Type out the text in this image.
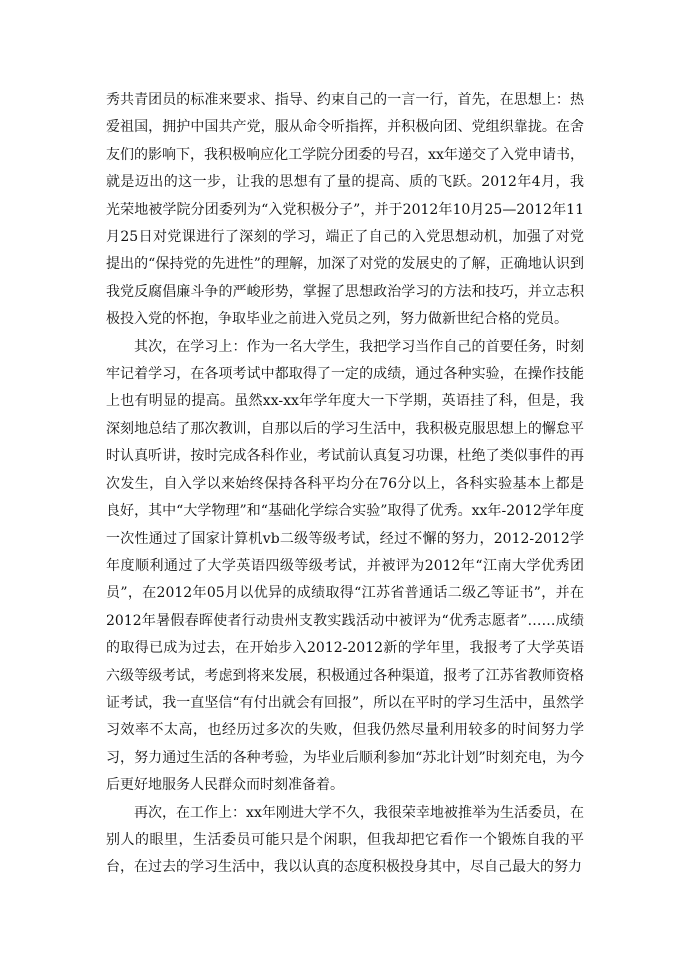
秀共青团员的标准来要求、指导、约束自己的一言一行，首先，在思想上：热爱祖国，拥护中国共产党，服从命令听指挥，并积极向团、党组织靠拢。在舍友们的影响下，我积极响应化工学院分团委的号召，xx年递交了入党申请书，就是迈出的这一步，让我的思想有了量的提高、质的飞跃。2012年4月，我光荣地被学院分团委列为“入党积极分子”，并于2012年10月25—2012年11月25日对党课进行了深刻的学习，端正了自己的入党思想动机，加强了对党提出的“保持党的先进性”的理解，加深了对党的发展史的了解，正确地认识到我党反腐倡廉斗争的严峻形势，掌握了思想政治学习的方法和技巧，并立志积极投入党的怀抱，争取毕业之前进入党员之列，努力做新世纪合格的党员。

其次，在学习上：作为一名大学生，我把学习当作自己的首要任务，时刻牢记着学习，在各项考试中都取得了一定的成绩，通过各种实验，在操作技能上也有明显的提高。虽然xx-xx年学年度大一下学期，英语挂了科，但是，我深刻地总结了那次教训，自那以后的学习生活中，我积极克服思想上的懈怠平时认真听讲，按时完成各科作业，考试前认真复习功课，杜绝了类似事件的再次发生，自入学以来始终保持各科平均分在76分以上，各科实验基本上都是良好，其中“大学物理”和“基础化学综合实验”取得了优秀。xx年-2012学年度一次性通过了国家计算机vb二级等级考试，经过不懈的努力，2012-2012学年度顺利通过了大学英语四级等级考试，并被评为2012年“江南大学优秀团员”，在2012年05月以优异的成绩取得“江苏省普通话二级乙等证书”，并在2012年暑假春晖使者行动贵州支教实践活动中被评为“优秀志愿者”……成绩的取得已成为过去，在开始步入2012-2012新的学年里，我报考了大学英语六级等级考试，考虑到将来发展，积极通过各种渠道，报考了江苏省教师资格证考试，我一直坚信“有付出就会有回报”，所以在平时的学习生活中，虽然学习效率不太高，也经历过多次的失败，但我仍然尽量利用较多的时间努力学习，努力通过生活的各种考验，为毕业后顺利参加“苏北计划”时刻充电，为今后更好地服务人民群众而时刻准备着。

再次，在工作上：xx年刚进大学不久，我很荣幸地被推举为生活委员，在别人的眼里，生活委员可能只是个闲职，但我却把它看作一个锻炼自我的平台，在过去的学习生活中，我以认真的态度积极投身其中，尽自己最大的努力
